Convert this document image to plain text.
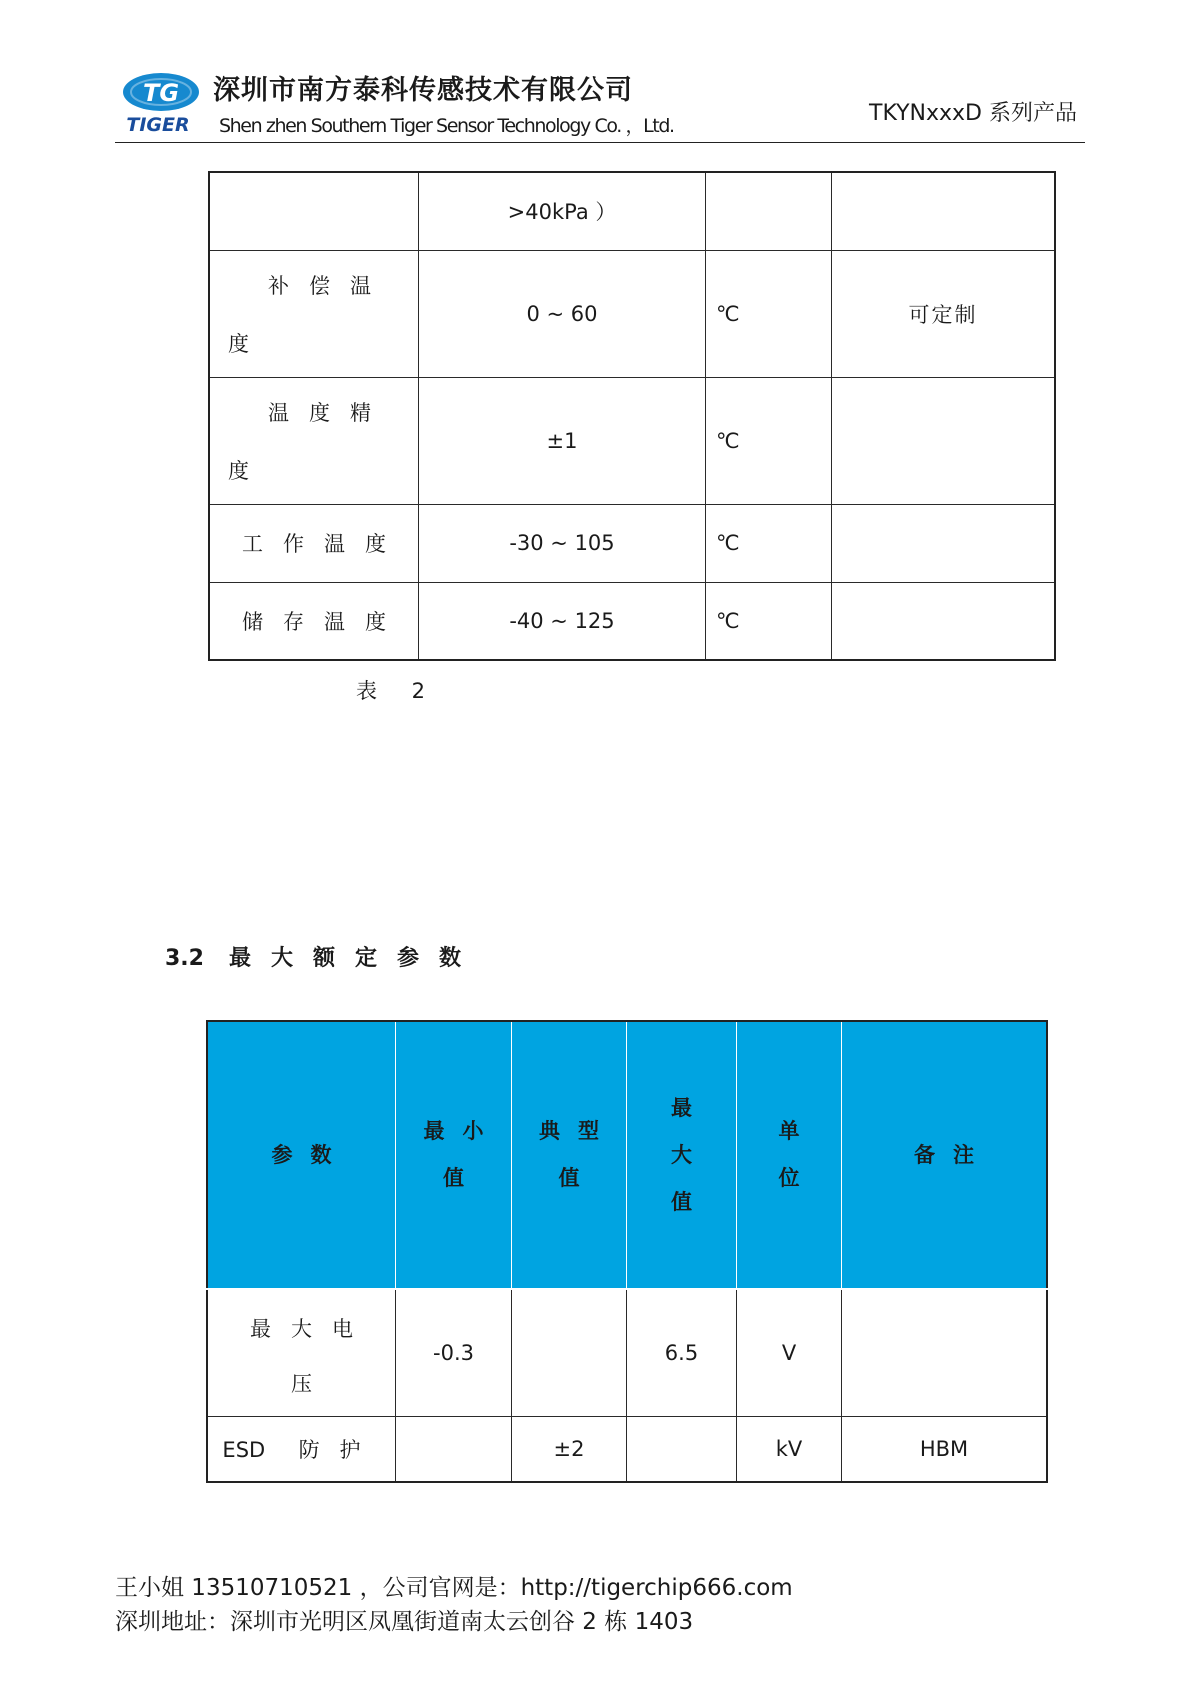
TG
TIGER
深圳市南方泰科传感技术有限公司
Shen zhen Southern Tiger Sensor Technology Co. ，Ltd.	TKYNxxxD 系列产品
	>40kPa ）		

补偿温
度	0 ~ 60	℃	可定制

温度精
度	±1	℃	
工作温度	-30 ~ 105	℃	
储存温度	-40 ~ 125	℃	
表 2
3.2 最大额定参数
参数	最小
值	典型
值	最
大
值	单
位	备注

最大电
压	-0.3		6.5	V	
ESD 防护		±2		kV	HBM
王小姐 13510710521 ，公司官网是：http://tigerchip666.com
深圳地址：深圳市光明区凤凰街道南太云创谷 2 栋 1403
